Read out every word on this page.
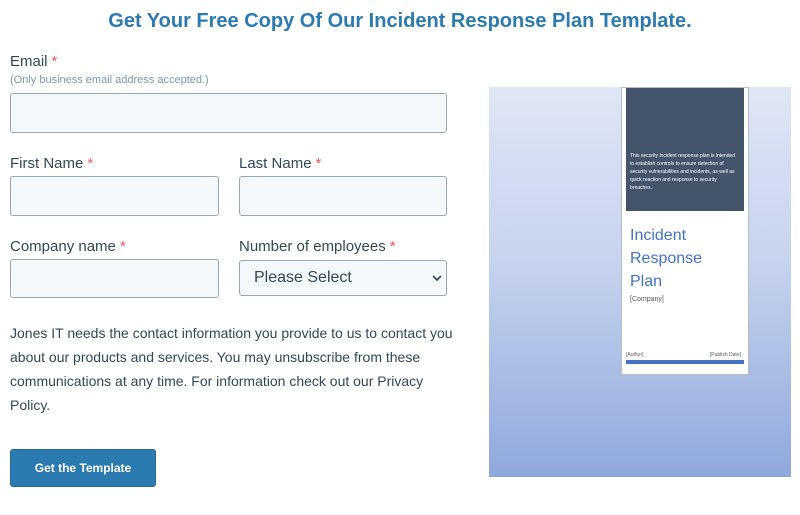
Get Your Free Copy Of Our Incident Response Plan Template.
Email *
(Only business email address accepted.)
First Name *	Last Name *
Company name *	Number of employees *
Please Select

Jones IT needs the contact information you provide to us to contact you about our products and services. You may unsubscribe from these communications at any time. For information check out our Privacy Policy.

Get the Template
This security incident response plan is intended to establish controls to ensure detection of security vulnerabilities and incidents, as well as quick reaction and response to security breaches.
Incident
Response
Plan
[Company]
[Author]	[Publish Date]
